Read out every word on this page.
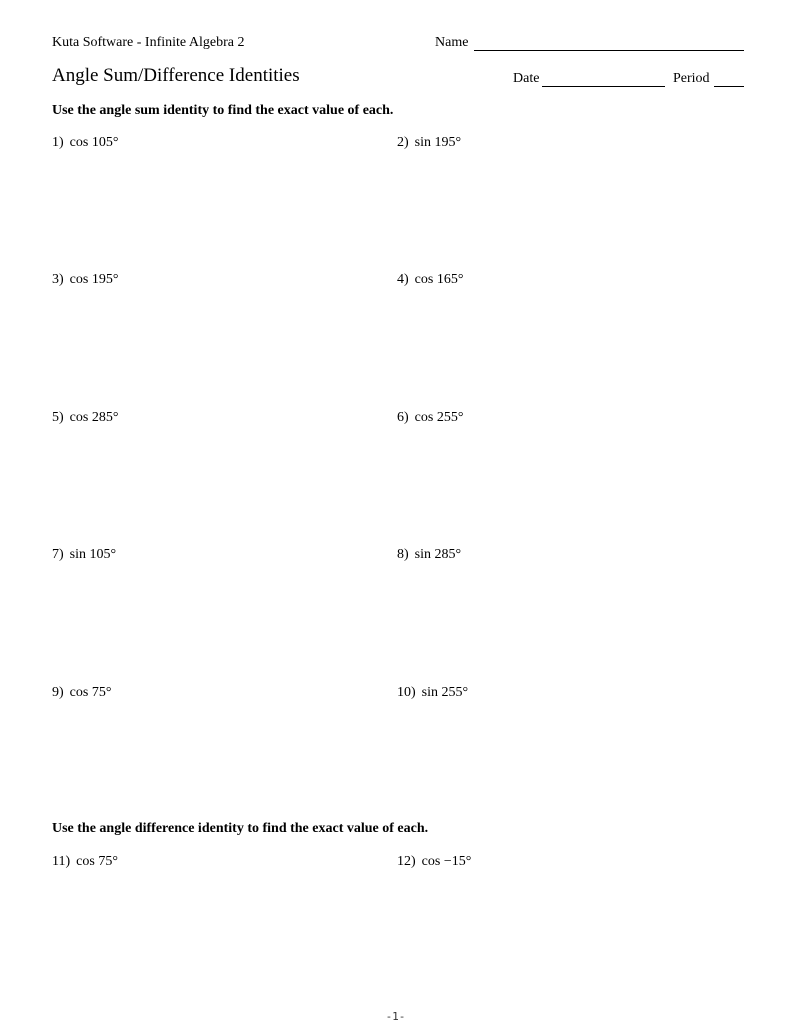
Kuta Software - Infinite Algebra 2	Name
Angle Sum/Difference Identities	Date	Period
Use the angle sum identity to find the exact value of each.
1) cos 105°	2) sin 195°
3) cos 195°	4) cos 165°
5) cos 285°	6) cos 255°
7) sin 105°	8) sin 285°
9) cos 75°	10) sin 255°
Use the angle difference identity to find the exact value of each.
11) cos 75°	12) cos −15°
-1-
